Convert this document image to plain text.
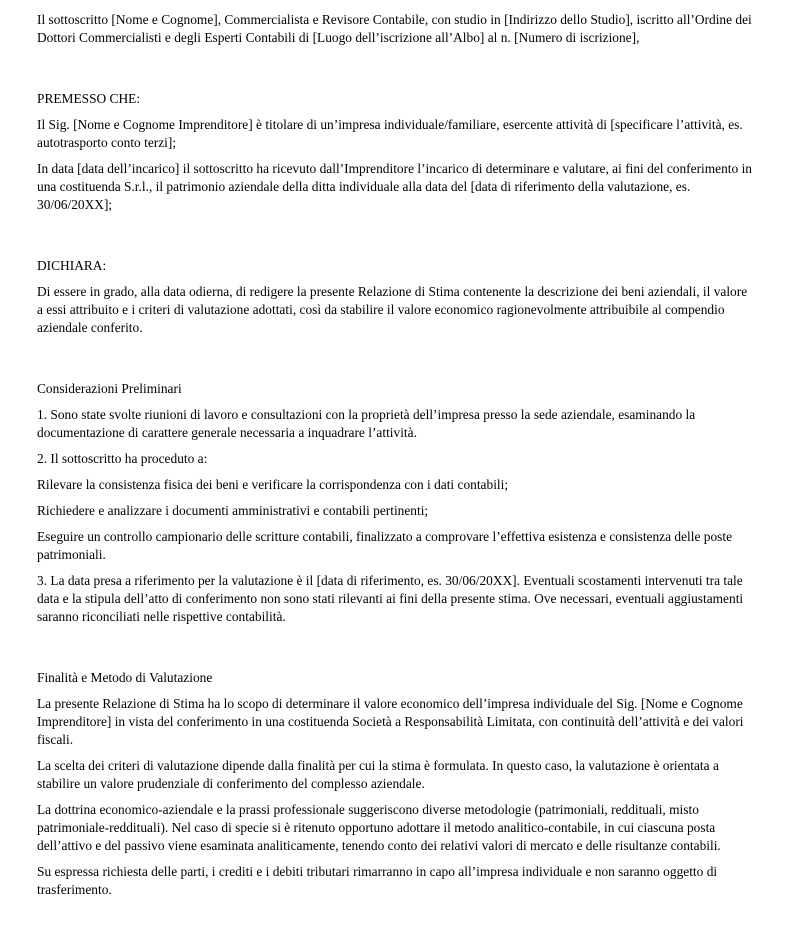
Il sottoscritto [Nome e Cognome], Commercialista e Revisore Contabile, con studio in [Indirizzo dello Studio], iscritto all’Ordine dei Dottori Commercialisti e degli Esperti Contabili di [Luogo dell’iscrizione all’Albo] al n. [Numero di iscrizione],

PREMESSO CHE:

Il Sig. [Nome e Cognome Imprenditore] è titolare di un’impresa individuale/familiare, esercente attività di [specificare l’attività, es. autotrasporto conto terzi];

In data [data dell’incarico] il sottoscritto ha ricevuto dall’Imprenditore l’incarico di determinare e valutare, ai fini del conferimento in una costituenda S.r.l., il patrimonio aziendale della ditta individuale alla data del [data di riferimento della valutazione, es. 30/06/20XX];

DICHIARA:

Di essere in grado, alla data odierna, di redigere la presente Relazione di Stima contenente la descrizione dei beni aziendali, il valore a essi attribuito e i criteri di valutazione adottati, così da stabilire il valore economico ragionevolmente attribuibile al compendio aziendale conferito.

Considerazioni Preliminari

1. Sono state svolte riunioni di lavoro e consultazioni con la proprietà dell’impresa presso la sede aziendale, esaminando la documentazione di carattere generale necessaria a inquadrare l’attività.

2. Il sottoscritto ha proceduto a:

Rilevare la consistenza fisica dei beni e verificare la corrispondenza con i dati contabili;

Richiedere e analizzare i documenti amministrativi e contabili pertinenti;

Eseguire un controllo campionario delle scritture contabili, finalizzato a comprovare l’effettiva esistenza e consistenza delle poste patrimoniali.

3. La data presa a riferimento per la valutazione è il [data di riferimento, es. 30/06/20XX]. Eventuali scostamenti intervenuti tra tale data e la stipula dell’atto di conferimento non sono stati rilevanti ai fini della presente stima. Ove necessari, eventuali aggiustamenti saranno riconciliati nelle rispettive contabilità.

Finalità e Metodo di Valutazione

La presente Relazione di Stima ha lo scopo di determinare il valore economico dell’impresa individuale del Sig. [Nome e Cognome Imprenditore] in vista del conferimento in una costituenda Società a Responsabilità Limitata, con continuità dell’attività e dei valori fiscali.

La scelta dei criteri di valutazione dipende dalla finalità per cui la stima è formulata. In questo caso, la valutazione è orientata a stabilire un valore prudenziale di conferimento del complesso aziendale.

La dottrina economico-aziendale e la prassi professionale suggeriscono diverse metodologie (patrimoniali, reddituali, misto patrimoniale-reddituali). Nel caso di specie si è ritenuto opportuno adottare il metodo analitico-contabile, in cui ciascuna posta dell’attivo e del passivo viene esaminata analiticamente, tenendo conto dei relativi valori di mercato e delle risultanze contabili.

Su espressa richiesta delle parti, i crediti e i debiti tributari rimarranno in capo all’impresa individuale e non saranno oggetto di trasferimento.
